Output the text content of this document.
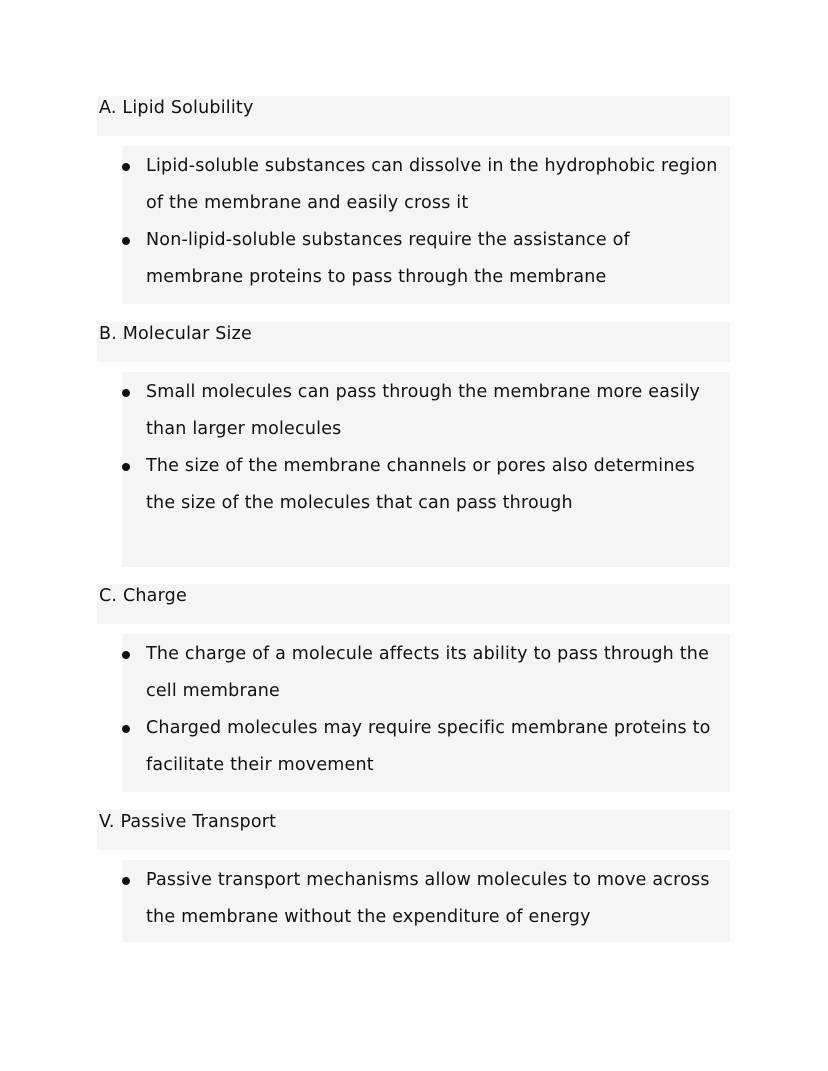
A. Lipid Solubility
Lipid-soluble substances can dissolve in the hydrophobic region of the membrane and easily cross it
Non-lipid-soluble substances require the assistance of membrane proteins to pass through the membrane
B. Molecular Size
Small molecules can pass through the membrane more easily than larger molecules
The size of the membrane channels or pores also determines the size of the molecules that can pass through
C. Charge
The charge of a molecule affects its ability to pass through the cell membrane
Charged molecules may require specific membrane proteins to facilitate their movement
V. Passive Transport
Passive transport mechanisms allow molecules to move across the membrane without the expenditure of energy
